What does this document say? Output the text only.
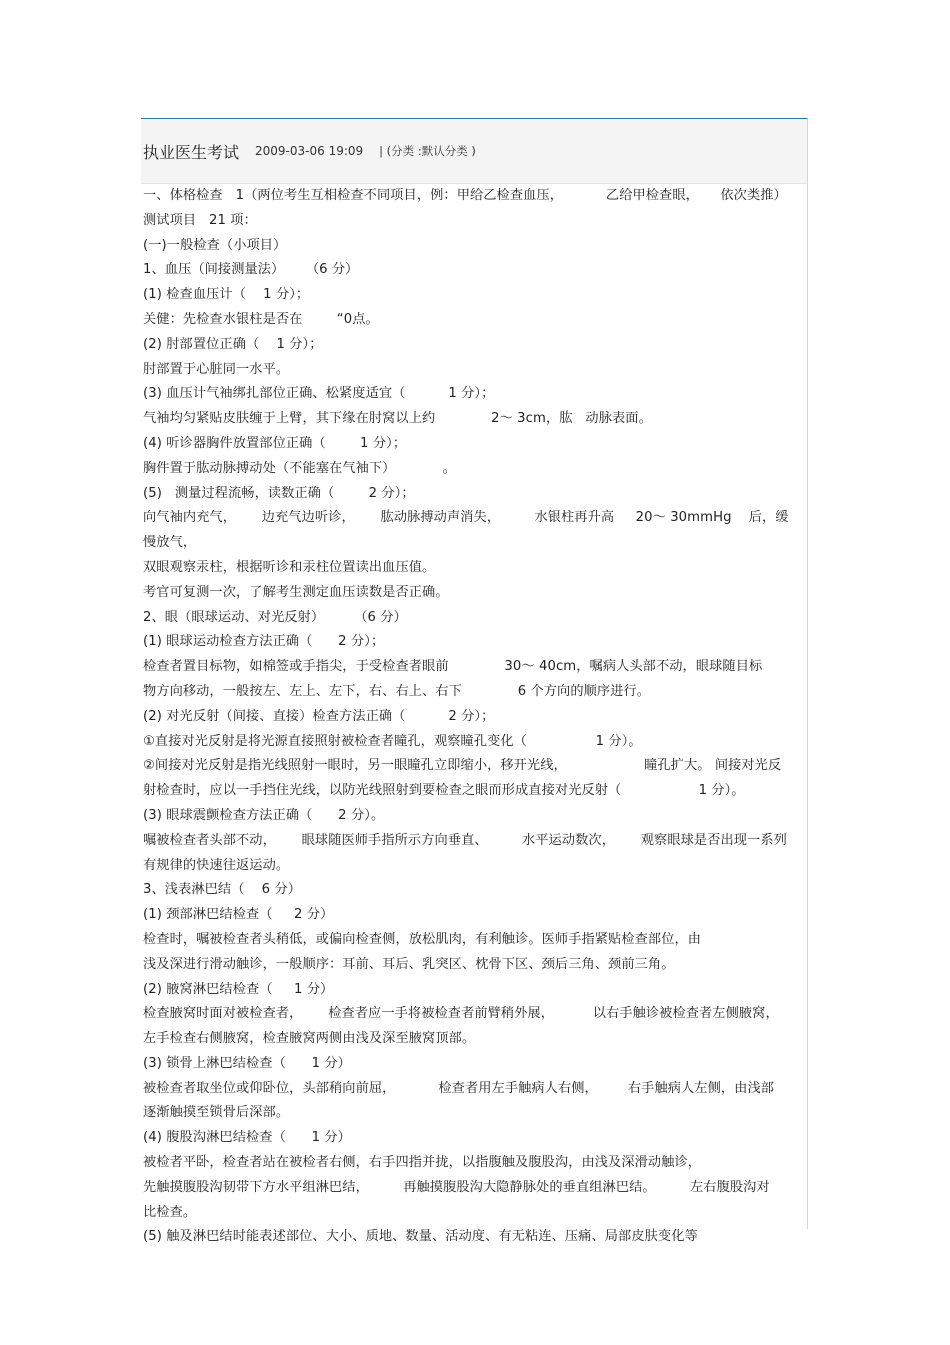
执业医生考试 2009-03-06 19:09 | (分类 :默认分类 )

一、体格检查   1（两位考生互相检查不同项目，例：甲给乙检查血压，          乙给甲检查眼，     依次类推）

测试项目   21 项：

(一)一般检查（小项目）

1、血压（间接测量法）     （6 分）

(1) 检查血压计（    1 分）；

关健：先检查水银柱是否在        “0点。

(2) 肘部置位正确（    1 分）；

肘部置于心脏同一水平。

(3) 血压计气袖绑扎部位正确、松紧度适宜（          1 分）；

气袖均匀紧贴皮肤缠于上臂，其下缘在肘窝以上约             2～ 3cm，肱   动脉表面。

(4) 听诊器胸件放置部位正确（        1 分）；

胸件置于肱动脉搏动处（不能塞在气袖下）           。

(5)   测量过程流畅，读数正确（        2 分）；

向气袖内充气，      边充气边听诊，      肱动脉搏动声消失，        水银柱再升高     20～ 30mmHg    后，缓慢放气，

双眼观察汞柱，根据听诊和汞柱位置读出血压值。

考官可复测一次，了解考生测定血压读数是否正确。

2、眼（眼球运动、对光反射）       （6 分）

(1) 眼球运动检查方法正确（      2 分）；

检查者置目标物，如棉签或手指尖，于受检查者眼前             30～ 40cm，嘱病人头部不动，眼球随目标

物方向移动，一般按左、左上、左下，右、右上、右下             6 个方向的顺序进行。

(2) 对光反射（间接、直接）检查方法正确（          2 分）；

①直接对光反射是将光源直接照射被检查者瞳孔，观察瞳孔变化（                1 分）。

②间接对光反射是指光线照射一眼时，另一眼瞳孔立即缩小，移开光线，                  瞳孔扩大。 间接对光反

射检查时，应以一手挡住光线，以防光线照射到要检查之眼而形成直接对光反射（                  1 分）。

(3) 眼球震颤检查方法正确（      2 分）。

嘱被检查者头部不动，      眼球随医师手指所示方向垂直、        水平运动数次，      观察眼球是否出现一系列

有规律的快速往返运动。

3、浅表淋巴结（    6 分）

(1) 颈部淋巴结检查（     2 分）

检查时，嘱被检查者头稍低，或偏向检查侧，放松肌肉，有利触诊。医师手指紧贴检查部位，由

浅及深进行滑动触诊，一般顺序：耳前、耳后、乳突区、枕骨下区、颈后三角、颈前三角。

(2) 腋窝淋巴结检查（     1 分）

检查腋窝时面对被检查者，      检查者应一手将被检查者前臂稍外展，         以右手触诊被检查者左侧腋窝，

左手检查右侧腋窝，检查腋窝两侧由浅及深至腋窝顶部。

(3) 锁骨上淋巴结检查（      1 分）

被检查者取坐位或仰卧位，头部稍向前屈，          检查者用左手触病人右侧，       右手触病人左侧，由浅部

逐渐触摸至锁骨后深部。

(4) 腹股沟淋巴结检查（      1 分）

被检者平卧，检查者站在被检者右侧，右手四指并拢，以指腹触及腹股沟，由浅及深滑动触诊，

先触摸腹股沟韧带下方水平组淋巴结，        再触摸腹股沟大隐静脉处的垂直组淋巴结。        左右腹股沟对

比检查。

(5) 触及淋巴结时能表述部位、大小、质地、数量、活动度、有无粘连、压痛、局部皮肤变化等
